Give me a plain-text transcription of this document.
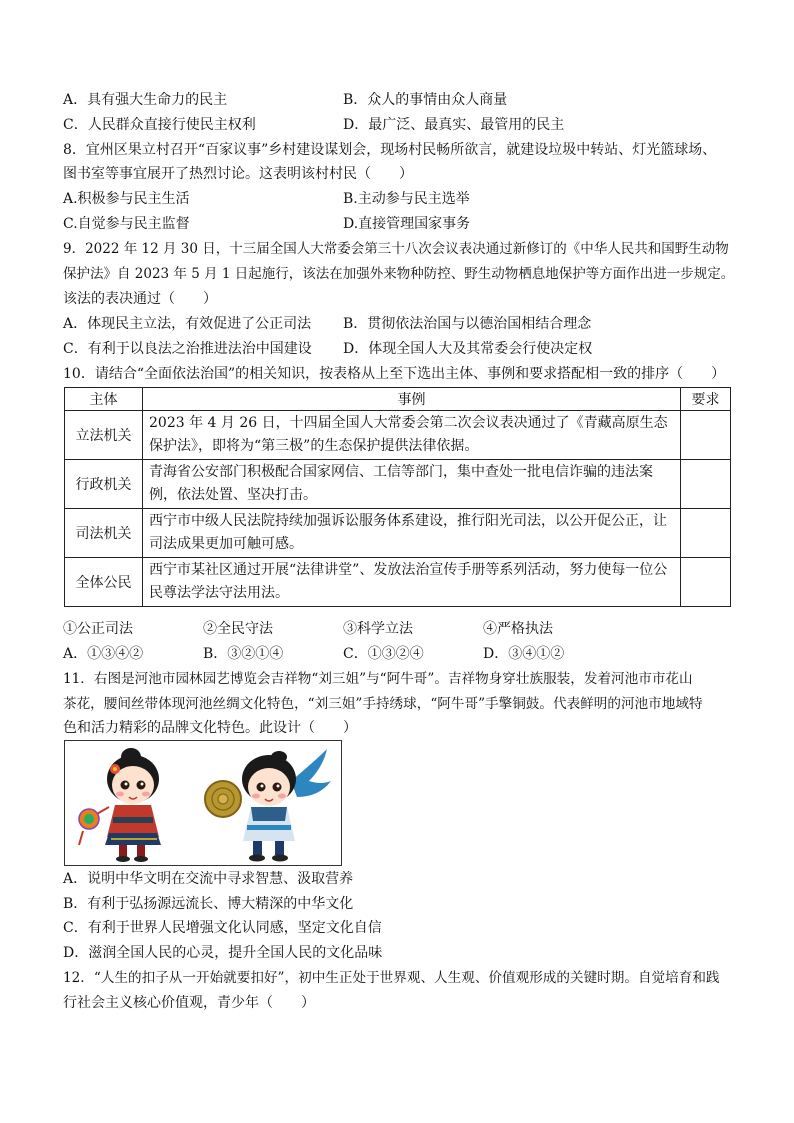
A．具有强大生命力的民主	B．众人的事情由众人商量
C．人民群众直接行使民主权利	D．最广泛、最真实、最管用的民主
8．宜州区果立村召开“百家议事”乡村建设谋划会，现场村民畅所欲言，就建设垃圾中转站、灯光篮球场、
图书室等事宜展开了热烈讨论。这表明该村村民（　　）
A.积极参与民主生活	B.主动参与民主选举
C.自觉参与民主监督	D.直接管理国家事务
9．2022 年 12 月 30 日，十三届全国人大常委会第三十八次会议表决通过新修订的《中华人民共和国野生动物
保护法》自 2023 年 5 月 1 日起施行，该法在加强外来物种防控、野生动物栖息地保护等方面作出进一步规定。
该法的表决通过（　　）
A．体现民主立法，有效促进了公正司法 B．贯彻依法治国与以德治国相结合理念
C．有利于以良法之治推进法治中国建设 D．体现全国人大及其常委会行使决定权
10．请结合“全面依法治国”的相关知识，按表格从上至下选出主体、事例和要求搭配相一致的排序（　　）
主体	事例	要求
立法机关	2023 年 4 月 26 日，十四届全国人大常委会第二次会议表决通过了《青藏高原生态保护法》，即将为“第三极”的生态保护提供法律依据。	
行政机关	青海省公安部门积极配合国家网信、工信等部门，集中查处一批电信诈骗的违法案例，依法处置、坚决打击。	
司法机关	西宁市中级人民法院持续加强诉讼服务体系建设，推行阳光司法，以公开促公正，让司法成果更加可触可感。	
全体公民	西宁市某社区通过开展“法律讲堂”、发放法治宣传手册等系列活动，努力使每一位公民尊法学法守法用法。	
①公正司法	②全民守法	③科学立法	④严格执法
A．①③④②	B．③②①④	C．①③②④	D．③④①②
11．右图是河池市园林园艺博览会吉祥物“刘三姐”与“阿牛哥”。吉祥物身穿壮族服装，发着河池市市花山
茶花，腰间丝带体现河池丝绸文化特色，“刘三姐”手持绣球，“阿牛哥”手擎铜鼓。代表鲜明的河池市地域特
色和活力精彩的品牌文化特色。此设计（　　）
A．说明中华文明在交流中寻求智慧、汲取营养
B．有利于弘扬源远流长、博大精深的中华文化
C．有利于世界人民增强文化认同感，坚定文化自信
D．滋润全国人民的心灵，提升全国人民的文化品味
12．“人生的扣子从一开始就要扣好”，初中生正处于世界观、人生观、价值观形成的关键时期。自觉培育和践
行社会主义核心价值观，青少年（　　）
